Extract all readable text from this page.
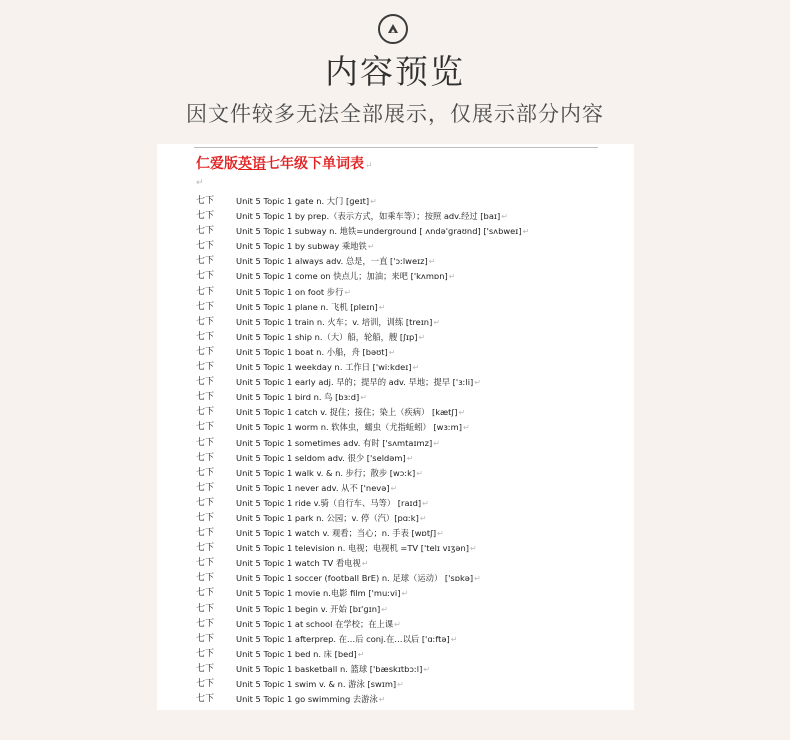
内容预览
因文件较多无法全部展示，仅展示部分内容
仁爱版英语七年级下单词表↵
↵
七下	Unit 5 Topic 1 gate n. 大门 [ɡeɪt]↵
七下	Unit 5 Topic 1 by prep.（表示方式，如乘车等）；按照 adv.经过 [baɪ]↵
七下	Unit 5 Topic 1 subway n. 地铁=underground [ ʌndə'ɡraʊnd] ['sʌbweɪ]↵
七下	Unit 5 Topic 1 by subway 乘地铁↵
七下	Unit 5 Topic 1 always adv. 总是，一直 ['ɔːlweɪz]↵
七下	Unit 5 Topic 1 come on 快点儿；加油；来吧 ['kʌmɒn]↵
七下	Unit 5 Topic 1 on foot 步行↵
七下	Unit 5 Topic 1 plane n. 飞机 [pleɪn]↵
七下	Unit 5 Topic 1 train n. 火车；v. 培训，训练 [treɪn]↵
七下	Unit 5 Topic 1 ship n.（大）船，轮船，艘 [ʃɪp]↵
七下	Unit 5 Topic 1 boat n. 小船，舟 [bəʊt]↵
七下	Unit 5 Topic 1 weekday n. 工作日 ['wiːkdeɪ]↵
七下	Unit 5 Topic 1 early adj. 早的；提早的 adv. 早地；提早 ['ɜːli]↵
七下	Unit 5 Topic 1 bird n. 鸟 [bɜːd]↵
七下	Unit 5 Topic 1 catch v. 捉住；接住；染上（疾病） [kætʃ]↵
七下	Unit 5 Topic 1 worm n. 软体虫，蠕虫（尤指蚯蚓） [wɜːm]↵
七下	Unit 5 Topic 1 sometimes adv. 有时 ['sʌmtaɪmz]↵
七下	Unit 5 Topic 1 seldom adv. 很少 ['seldəm]↵
七下	Unit 5 Topic 1 walk v. & n. 步行；散步 [wɔːk]↵
七下	Unit 5 Topic 1 never adv. 从不 ['nevə]↵
七下	Unit 5 Topic 1 ride v.骑（自行车、马等） [raɪd]↵
七下	Unit 5 Topic 1 park n. 公园；v. 停（汽）[pɑːk]↵
七下	Unit 5 Topic 1 watch v. 观看；当心；n. 手表 [wɒtʃ]↵
七下	Unit 5 Topic 1 television n. 电视；电视机 =TV ['telɪ vɪʒən]↵
七下	Unit 5 Topic 1 watch TV 看电视↵
七下	Unit 5 Topic 1 soccer (football BrE) n. 足球（运动） ['sɒkə]↵
七下	Unit 5 Topic 1 movie n.电影 film ['muːvi]↵
七下	Unit 5 Topic 1 begin v. 开始 [bɪ'ɡɪn]↵
七下	Unit 5 Topic 1 at school 在学校；在上课↵
七下	Unit 5 Topic 1 afterprep. 在…后 conj.在…以后 ['ɑːftə]↵
七下	Unit 5 Topic 1 bed n. 床 [bed]↵
七下	Unit 5 Topic 1 basketball n. 篮球 ['bæskɪtbɔːl]↵
七下	Unit 5 Topic 1 swim v. & n. 游泳 [swɪm]↵
七下	Unit 5 Topic 1 go swimming 去游泳↵
